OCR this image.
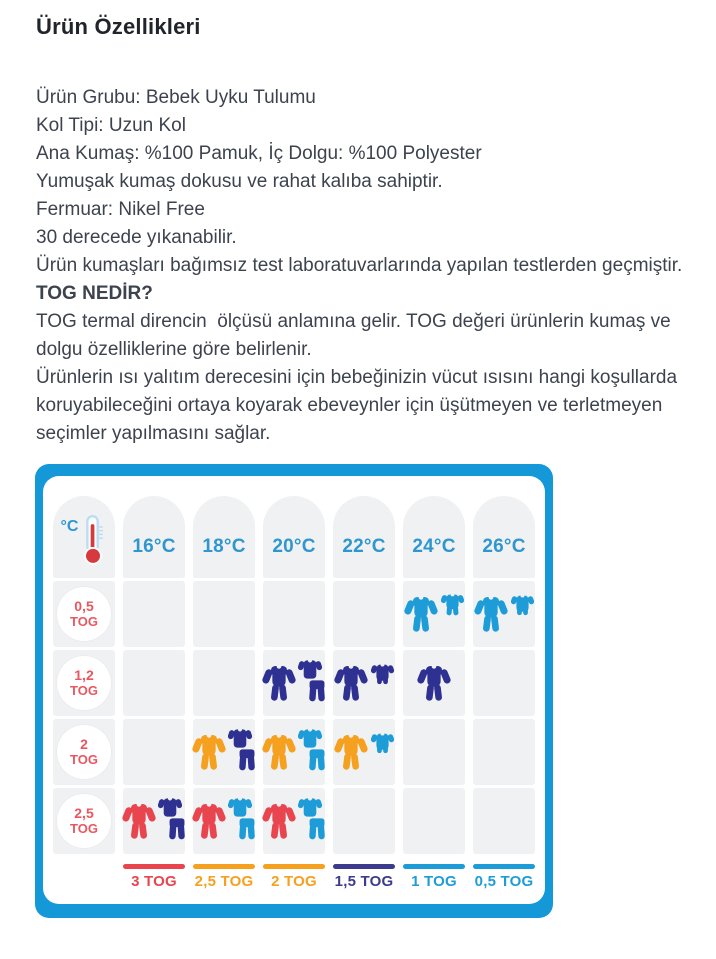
Ürün Özellikleri

Ürün Grubu: Bebek Uyku Tulumu

Kol Tipi: Uzun Kol

Ana Kumaş: %100 Pamuk, İç Dolgu: %100 Polyester

Yumuşak kumaş dokusu ve rahat kalıba sahiptir.

Fermuar: Nikel Free

30 derecede yıkanabilir.

Ürün kumaşları bağımsız test laboratuvarlarında yapılan testlerden geçmiştir.

TOG NEDİR?

TOG termal direncin  ölçüsü anlamına gelir. TOG değeri ürünlerin kumaş ve dolgu özelliklerine göre belirlenir.

Ürünlerin ısı yalıtım derecesini için bebeğinizin vücut ısısını hangi koşullarda koruyabileceğini ortaya koyarak ebeveynler için üşütmeyen ve terletmeyen seçimler yapılmasını sağlar.

°C
16°C 18°C 20°C 22°C 24°C 26°C
0,5
TOG
1,2
TOG
2
TOG
2,5
TOG
3 TOG 2,5 TOG 2 TOG 1,5 TOG 1 TOG 0,5 TOG
